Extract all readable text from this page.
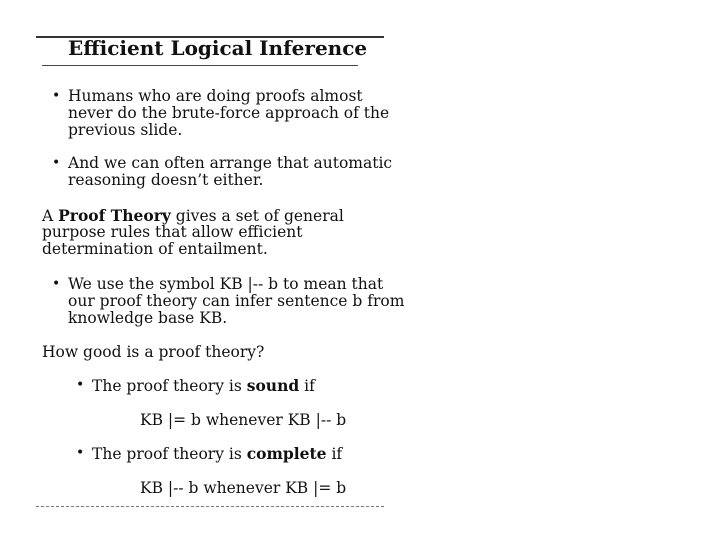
Efficient Logical Inference
• Humans who are doing proofs almost
never do the brute-force approach of the
previous slide.
• And we can often arrange that automatic
reasoning doesn’t either.
A Proof Theory gives a set of general
purpose rules that allow efficient
determination of entailment.
• We use the symbol KB |-- b to mean that
our proof theory can infer sentence b from
knowledge base KB.
How good is a proof theory?
• The proof theory is sound if
KB |= b whenever KB |-- b
• The proof theory is complete if
KB |-- b whenever KB |= b
